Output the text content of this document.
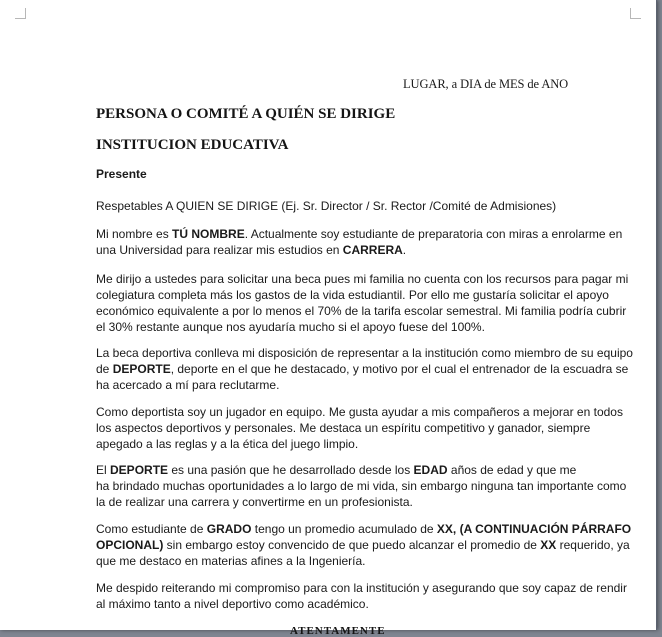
LUGAR, a DIA de MES de ANO
PERSONA O COMITÉ A QUIÉN SE DIRIGE
INSTITUCION EDUCATIVA
Presente
Respetables A QUIEN SE DIRIGE (Ej. Sr. Director / Sr. Rector /Comité de Admisiones)
Mi nombre es TÚ NOMBRE. Actualmente soy estudiante de preparatoria con miras a enrolarme en
una Universidad para realizar mis estudios en CARRERA.
Me dirijo a ustedes para solicitar una beca pues mi familia no cuenta con los recursos para pagar mi
colegiatura completa más los gastos de la vida estudiantil. Por ello me gustaría solicitar el apoyo
económico equivalente a por lo menos el 70% de la tarifa escolar semestral. Mi familia podría cubrir
el 30% restante aunque nos ayudaría mucho si el apoyo fuese del 100%.
La beca deportiva conlleva mi disposición de representar a la institución como miembro de su equipo
de DEPORTE, deporte en el que he destacado, y motivo por el cual el entrenador de la escuadra se
ha acercado a mí para reclutarme.
Como deportista soy un jugador en equipo. Me gusta ayudar a mis compañeros a mejorar en todos
los aspectos deportivos y personales. Me destaca un espíritu competitivo y ganador, siempre
apegado a las reglas y a la ética del juego limpio.
El DEPORTE es una pasión que he desarrollado desde los EDAD años de edad y que me
ha brindado muchas oportunidades a lo largo de mi vida, sin embargo ninguna tan importante como
la de realizar una carrera y convertirme en un profesionista.
Como estudiante de GRADO tengo un promedio acumulado de XX, (A CONTINUACIÓN PÁRRAFO
OPCIONAL) sin embargo estoy convencido de que puedo alcanzar el promedio de XX requerido, ya
que me destaco en materias afines a la Ingeniería.
Me despido reiterando mi compromiso para con la institución y asegurando que soy capaz de rendir
al máximo tanto a nivel deportivo como académico.
ATENTAMENTE
